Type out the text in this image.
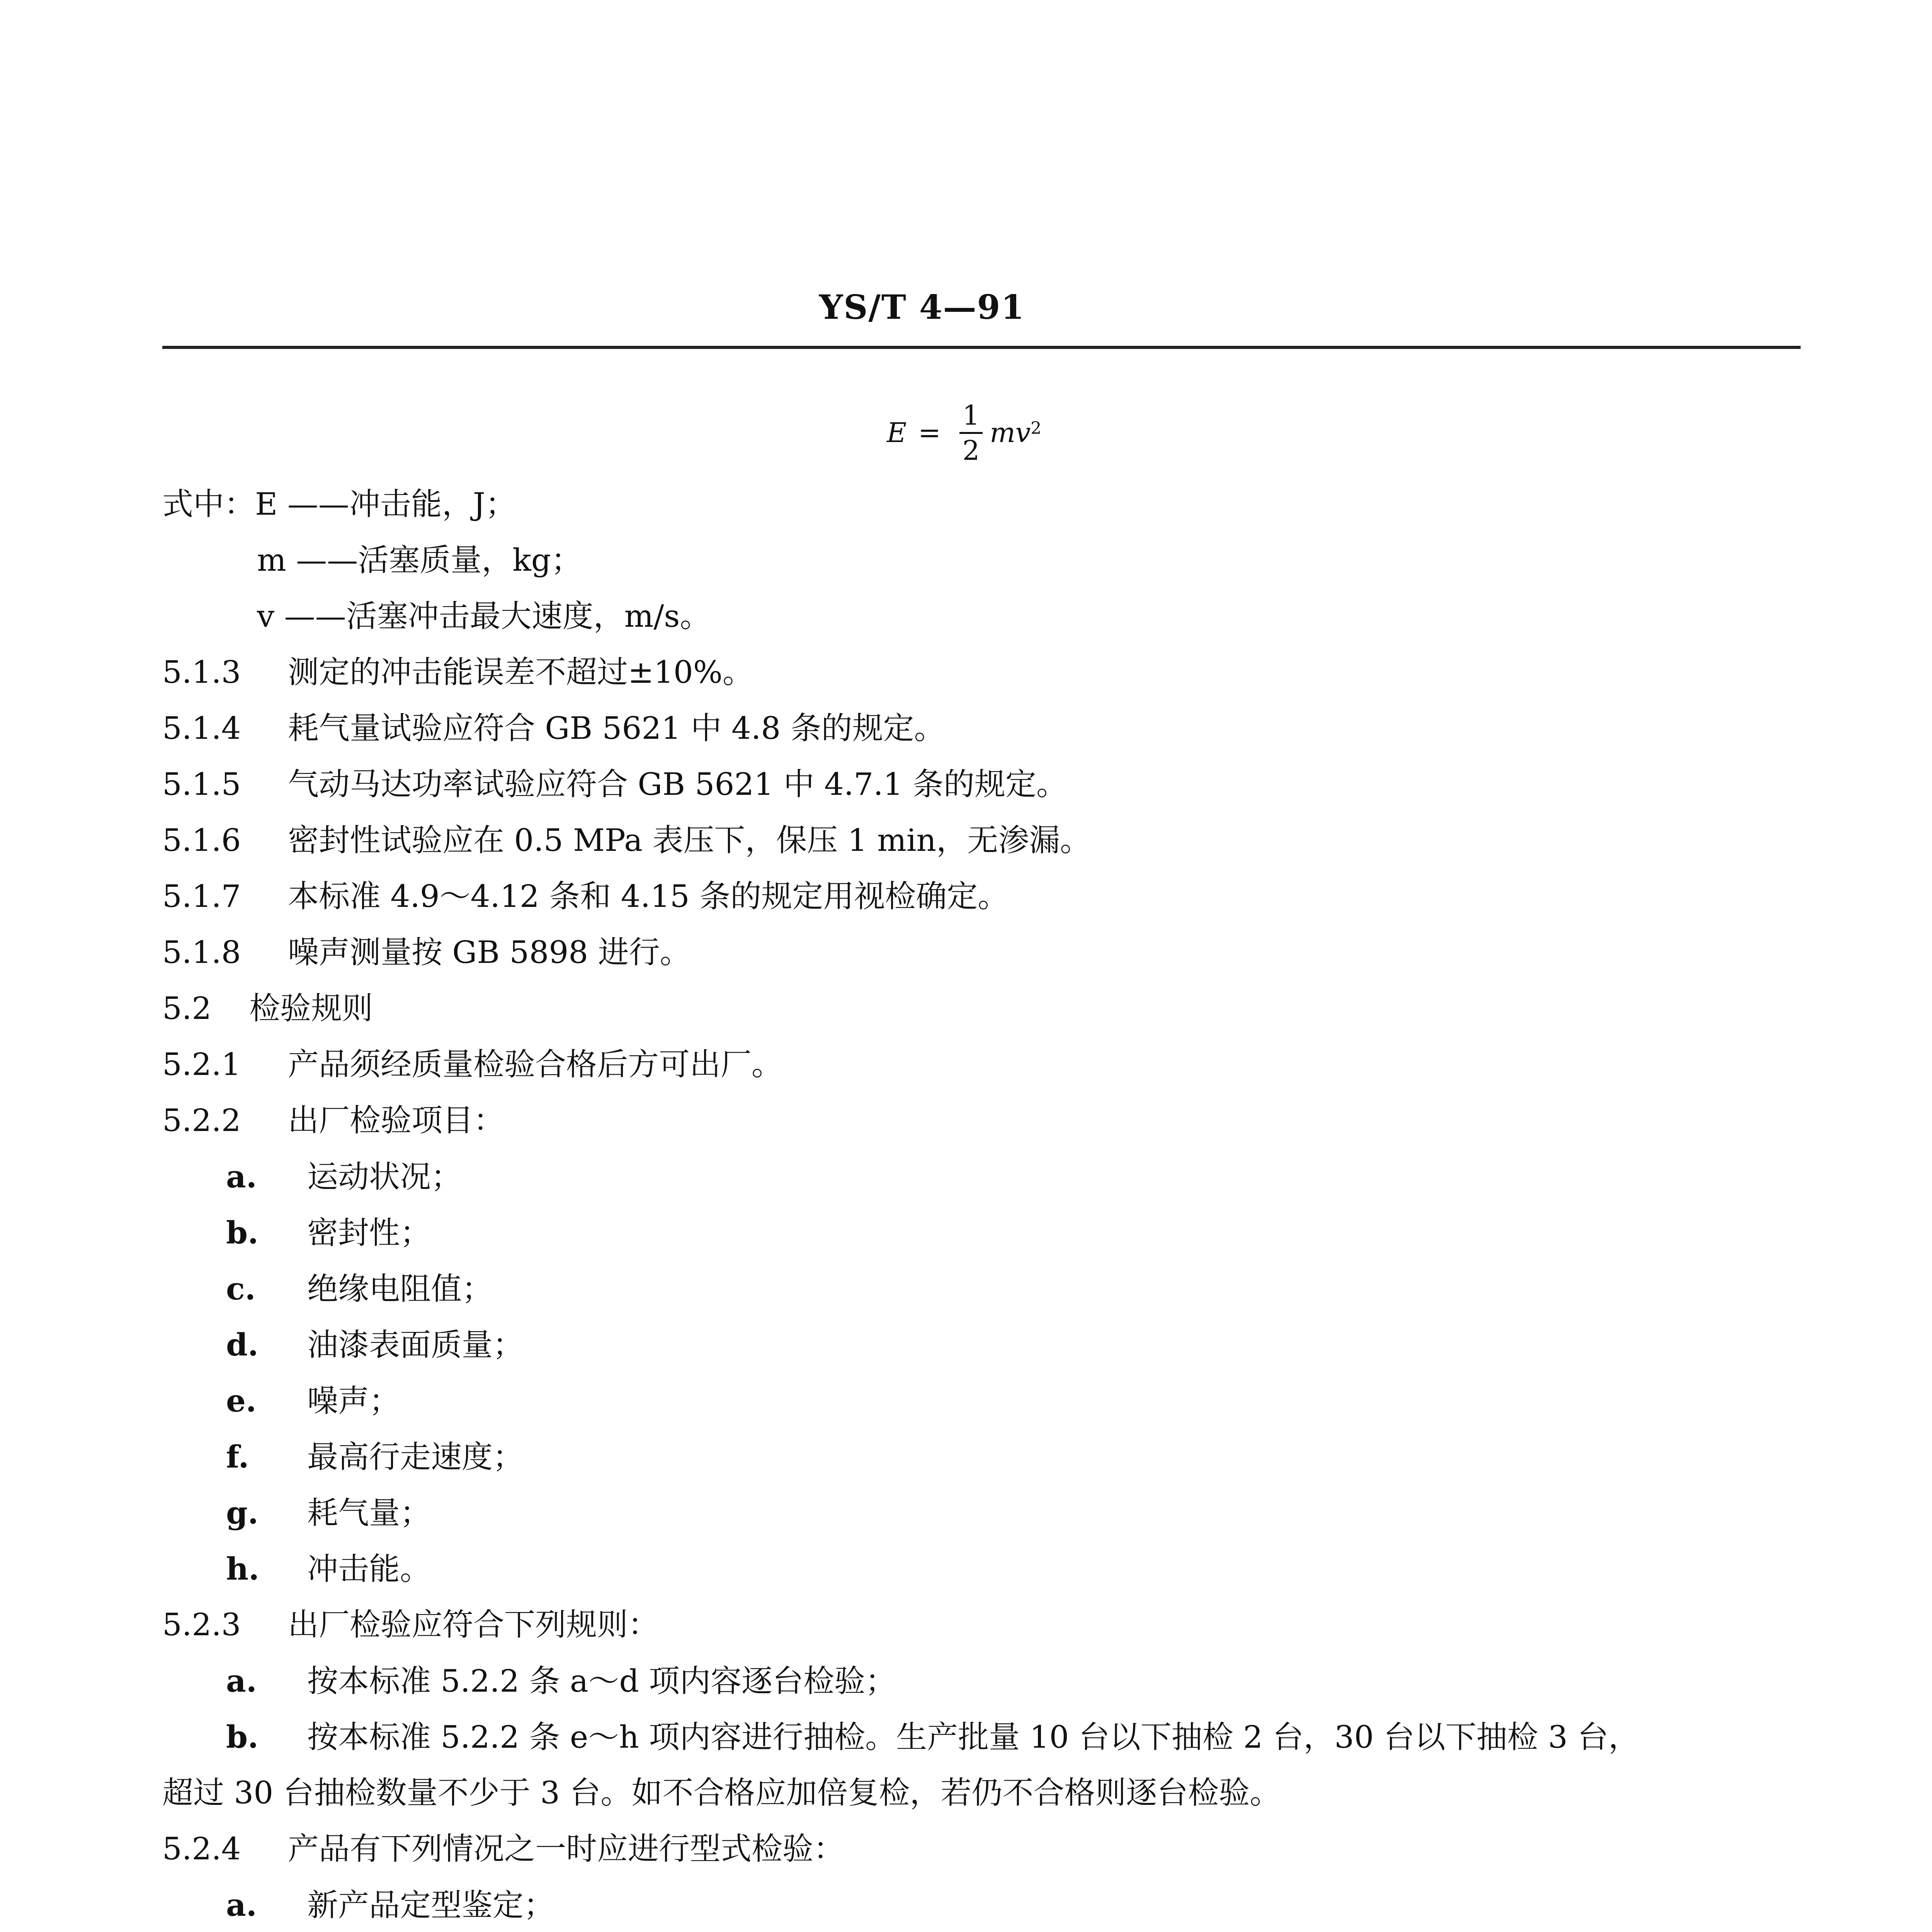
YS/T 4—91
$E = \frac{1}{2} mv^2$
式中：E ——冲击能，J；
m ——活塞质量，kg；
v ——活塞冲击最大速度，m/s。
5.1.3 测定的冲击能误差不超过±10%。
5.1.4 耗气量试验应符合 GB 5621 中 4.8 条的规定。
5.1.5 气动马达功率试验应符合 GB 5621 中 4.7.1 条的规定。
5.1.6 密封性试验应在 0.5 MPa 表压下，保压 1 min，无渗漏。
5.1.7 本标准 4.9～4.12 条和 4.15 条的规定用视检确定。
5.1.8 噪声测量按 GB 5898 进行。
5.2 检验规则
5.2.1 产品须经质量检验合格后方可出厂。
5.2.2 出厂检验项目：
a. 运动状况；
b. 密封性；
c. 绝缘电阻值；
d. 油漆表面质量；
e. 噪声；
f. 最高行走速度；
g. 耗气量；
h. 冲击能。
5.2.3 出厂检验应符合下列规则：
a. 按本标准 5.2.2 条 a～d 项内容逐台检验；
b. 按本标准 5.2.2 条 e～h 项内容进行抽检。生产批量 10 台以下抽检 2 台，30 台以下抽检 3 台，
超过 30 台抽检数量不少于 3 台。如不合格应加倍复检，若仍不合格则逐台检验。
5.2.4 产品有下列情况之一时应进行型式检验：
a. 新产品定型鉴定；
